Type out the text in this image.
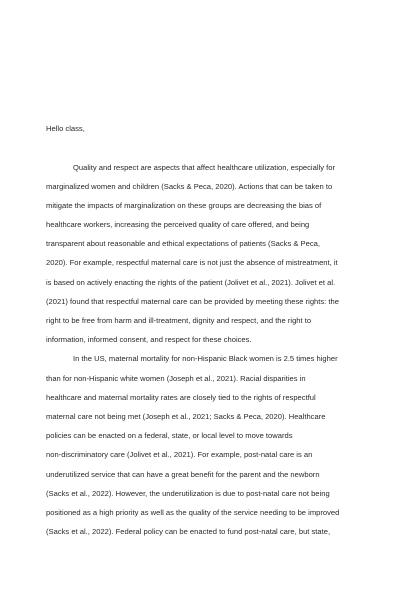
Hello class,

Quality and respect are aspects that affect healthcare utilization, especially for
marginalized women and children (Sacks & Peca, 2020). Actions that can be taken to
mitigate the impacts of marginalization on these groups are decreasing the bias of
healthcare workers, increasing the perceived quality of care offered, and being
transparent about reasonable and ethical expectations of patients (Sacks & Peca,
2020). For example, respectful maternal care is not just the absence of mistreatment, it
is based on actively enacting the rights of the patient (Jolivet et al., 2021). Jolivet et al.
(2021) found that respectful maternal care can be provided by meeting these rights: the
right to be free from harm and ill-treatment, dignity and respect, and the right to
information, informed consent, and respect for these choices.
In the US, maternal mortality for non-Hispanic Black women is 2.5 times higher
than for non-Hispanic white women (Joseph et al., 2021). Racial disparities in
healthcare and maternal mortality rates are closely tied to the rights of respectful
maternal care not being met (Joseph et al., 2021; Sacks & Peca, 2020). Healthcare
policies can be enacted on a federal, state, or local level to move towards
non-discriminatory care (Jolivet et al., 2021). For example, post-natal care is an
underutilized service that can have a great benefit for the parent and the newborn
(Sacks et al., 2022). However, the underutilization is due to post-natal care not being
positioned as a high priority as well as the quality of the service needing to be improved
(Sacks et al., 2022). Federal policy can be enacted to fund post-natal care, but state,
